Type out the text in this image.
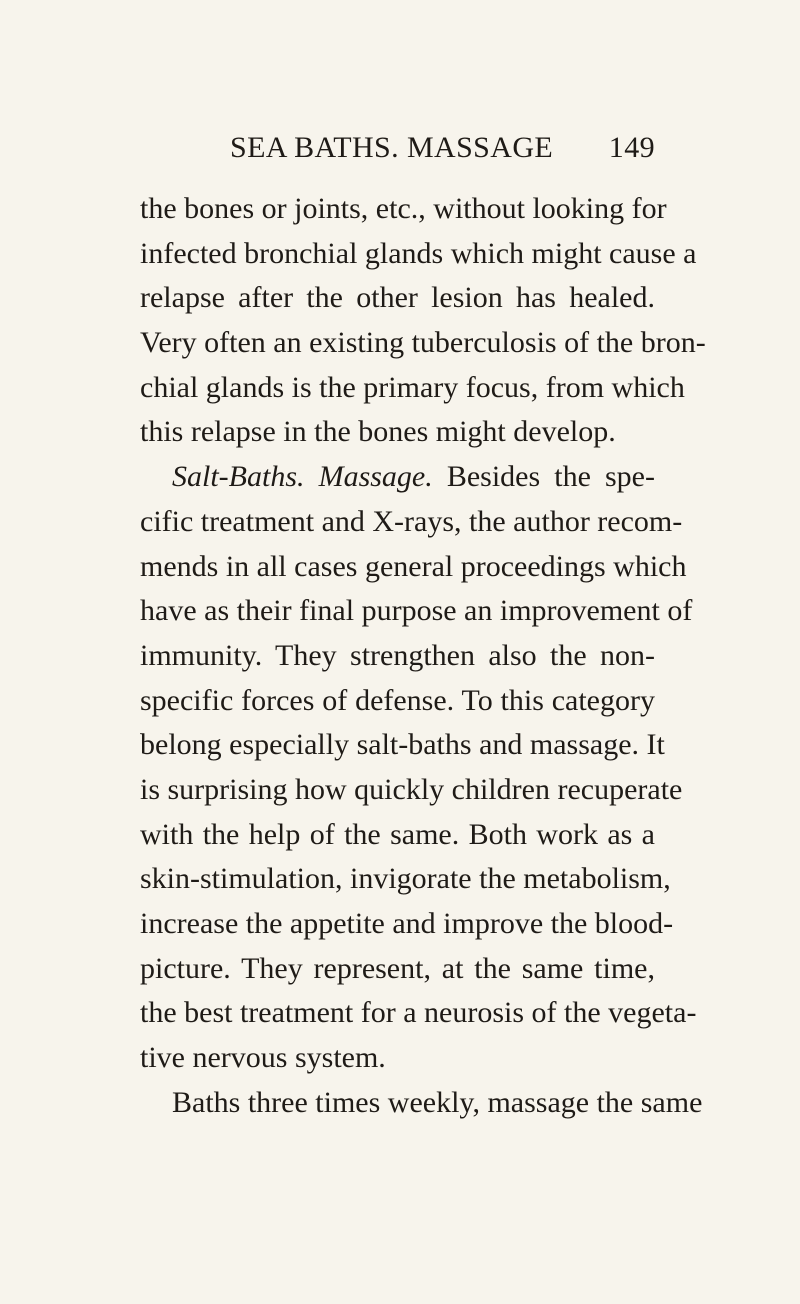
SEA BATHS. MASSAGE 149
the bones or joints, etc., without looking for
infected bronchial glands which might cause a
relapse after the other lesion has healed.
Very often an existing tuberculosis of the bron-
chial glands is the primary focus, from which
this relapse in the bones might develop.
Salt-Baths. Massage. Besides the spe-
cific treatment and X-rays, the author recom-
mends in all cases general proceedings which
have as their final purpose an improvement of
immunity. They strengthen also the non-
specific forces of defense. To this category
belong especially salt-baths and massage. It
is surprising how quickly children recuperate
with the help of the same. Both work as a
skin-stimulation, invigorate the metabolism,
increase the appetite and improve the blood-
picture. They represent, at the same time,
the best treatment for a neurosis of the vegeta-
tive nervous system.
Baths three times weekly, massage the same
